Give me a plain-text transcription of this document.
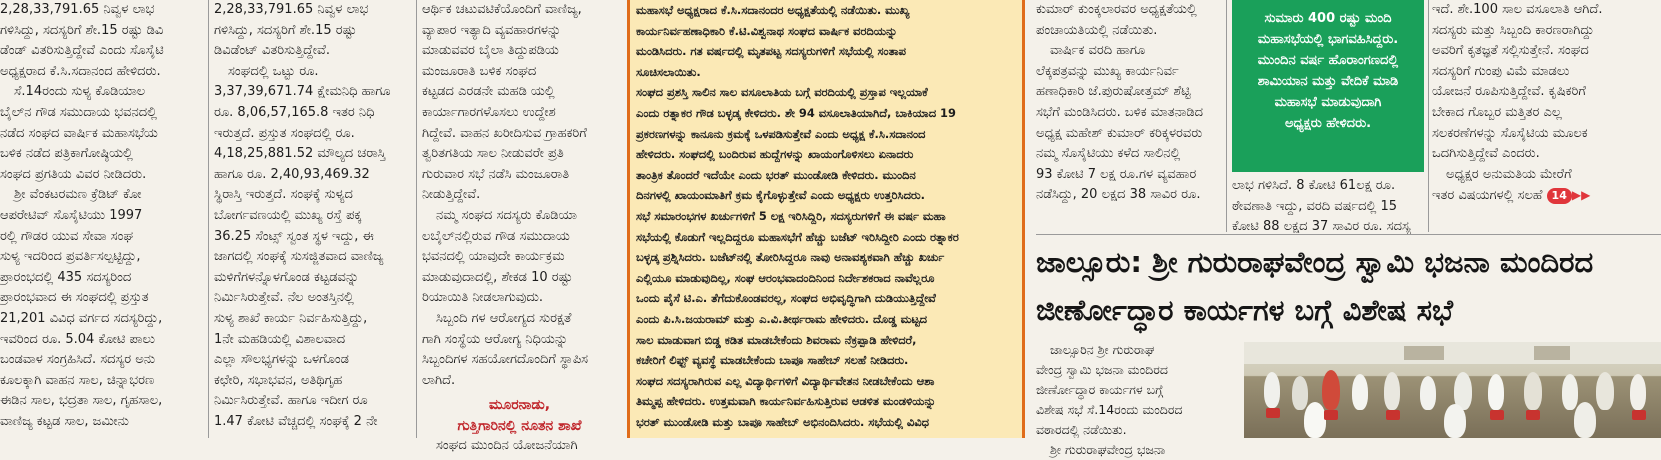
2,28,33,791.65 ನಿವ್ವಳ ಲಾಭ

ಗಳಿಸಿದ್ದು, ಸದಸ್ಯರಿಗೆ ಶೇ.15 ರಷ್ಟು ಡಿವಿ

ಡೆಂಡ್ ವಿತರಿಸುತ್ತಿದ್ದೇವೆ ಎಂದು ಸೊಸೈಟಿ

ಅಧ್ಯಕ್ಷರಾದ ಕೆ.ಸಿ.ಸದಾನಂದ ಹೇಳಿದರು.

ಸೆ.14ರಂದು ಸುಳ್ಯ ಕೊಡಿಯಾಲ

ಬೈಲ್‌ನ ಗೌಡ ಸಮುದಾಯ ಭವನದಲ್ಲಿ

ನಡೆದ ಸಂಘದ ವಾರ್ಷಿಕ ಮಹಾಸಭೆಯ

ಬಳಿಕ ನಡೆದ ಪತ್ರಿಕಾಗೋಷ್ಠಿಯಲ್ಲಿ

ಸಂಘದ ಪ್ರಗತಿಯ ವಿವರ ನೀಡಿದರು.

ಶ್ರೀ ವೆಂಕಟರಮಣ ಕ್ರೆಡಿಟ್ ಕೋ

ಆಪರೇಟಿವ್ ಸೊಸೈಟಿಯು 1997

ರಲ್ಲಿ ಗೌಡರ ಯುವ ಸೇವಾ ಸಂಘ

ಸುಳ್ಯ ಇದರಿಂದ ಪ್ರವರ್ತಿಸಲ್ಪಟ್ಟಿದ್ದು,

ಪ್ರಾರಂಭದಲ್ಲಿ 435 ಸದಸ್ಯರಿಂದ

ಪ್ರಾರಂಭವಾದ ಈ ಸಂಘದಲ್ಲಿ ಪ್ರಸ್ತುತ

21,201 ವಿವಿಧ ವರ್ಗದ ಸದಸ್ಯರಿದ್ದು,

ಇವರಿಂದ ರೂ. 5.04 ಕೋಟಿ ಪಾಲು

ಬಂಡವಾಳ ಸಂಗ್ರಹಿಸಿದೆ. ಸದಸ್ಯರ ಅನು

ಕೂಲಕ್ಕಾಗಿ ವಾಹನ ಸಾಲ, ಚಿನ್ನಾಭರಣ

ಈಡಿನ ಸಾಲ, ಭದ್ರತಾ ಸಾಲ, ಗೃಹಸಾಲ,

ವಾಣಿಜ್ಯ ಕಟ್ಟಡ ಸಾಲ, ಜಮೀನು

2,28,33,791.65 ನಿವ್ವಳ ಲಾಭ

ಗಳಿಸಿದ್ದು, ಸದಸ್ಯರಿಗೆ ಶೇ.15 ರಷ್ಟು

ಡಿವಿಡೆಂಟ್ ವಿತರಿಸುತ್ತಿದ್ದೇವೆ.

ಸಂಘದಲ್ಲಿ ಒಟ್ಟು ರೂ.

3,37,39,671.74 ಕ್ಷೇಮನಿಧಿ ಹಾಗೂ

ರೂ. 8,06,57,165.8 ಇತರ ನಿಧಿ

ಇರುತ್ತದೆ. ಪ್ರಸ್ತುತ ಸಂಘದಲ್ಲಿ ರೂ.

4,18,25,881.52 ಮೌಲ್ಯದ ಚರಾಸ್ತಿ

ಹಾಗೂ ರೂ. 2,40,93,469.32

ಸ್ಥಿರಾಸ್ತಿ ಇರುತ್ತದೆ. ಸಂಘಕ್ಕೆ ಸುಳ್ಯದ

ಬೋರ್ಗವಣಯಲ್ಲಿ ಮುಖ್ಯ ರಸ್ತೆ ಪಕ್ಕ

36.25 ಸೆಂಟ್ಸ್ ಸ್ವಂತ ಸ್ಥಳ ಇದ್ದು, ಈ

ಜಾಗದಲ್ಲಿ ಸಂಘಕ್ಕೆ ಸುಸಜ್ಜಿತವಾದ ವಾಣಿಜ್ಯ

ಮಳಿಗೆಗಳನ್ನೊಳಗೊಂಡ ಕಟ್ಟಡವನ್ನು

ನಿರ್ಮಿಸಿರುತ್ತೇವೆ. ನೆಲ ಅಂತಸ್ತಿನಲ್ಲಿ

ಸುಳ್ಯ ಶಾಖೆ ಕಾರ್ಯ ನಿರ್ವಹಿಸುತ್ತಿದ್ದು,

1ನೇ ಮಹಡಿಯಲ್ಲಿ ವಿಶಾಲವಾದ

ಎಲ್ಲಾ ಸೌಲಭ್ಯಗಳನ್ನು ಒಳಗೊಂಡ

ಕಛೇರಿ, ಸಭಾಭವನ, ಅತಿಥಿಗೃಹ

ನಿರ್ಮಿಸಿರುತ್ತೇವೆ. ಹಾಗೂ ಇದೀಗ ರೂ

1.47 ಕೋಟಿ ವೆಚ್ಚದಲ್ಲಿ ಸಂಘಕ್ಕೆ 2 ನೇ

ಆರ್ಥಿಕ ಚಟುವಟಿಕೆಯೊಂದಿಗೆ ವಾಣಿಜ್ಯ,

ವ್ಯಾಪಾರ ಇತ್ಯಾದಿ ವ್ಯವಹಾರಗಳನ್ನು

ಮಾಡುವವರ ಬೈಲಾ ತಿದ್ದುಪಡಿಯ

ಮಂಜೂರಾತಿ ಬಳಿಕ ಸಂಘದ

ಕಟ್ಟಡದ ಎರಡನೇ ಮಹಡಿ ಯಲ್ಲಿ

ಕಾರ್ಯಾಗಾರಗಳೊಸಲು ಉದ್ದೇಶ

ಗಿದ್ದೇವೆ. ವಾಹನ ಖರೀದಿಸುವ ಗ್ರಾಹಕರಿಗೆ

ತ್ವರಿತಗತಿಯ ಸಾಲ ನೀಡುವರೇ ಪ್ರತಿ

ಗುರುವಾರ ಸಭೆ ನಡೆಸಿ ಮಂಜೂರಾತಿ

ನೀಡುತ್ತಿದ್ದೇವೆ.

ನಮ್ಮ ಸಂಘದ ಸದಸ್ಯರು ಕೊಡಿಯಾ

ಲಬೈಲ್‌ನಲ್ಲಿರುವ ಗೌಡ ಸಮುದಾಯ

ಭವನದಲ್ಲಿ ಯಾವುದೇ ಕಾರ್ಯಕ್ರಮ

ಮಾಡುವುದಾದಲ್ಲಿ, ಶೇಕಡ 10 ರಷ್ಟು

ರಿಯಾಯಿತಿ ನೀಡಲಾಗುವುದು.

ಸಿಬ್ಬಂದಿ ಗಳ ಆರೋಗ್ಯದ ಸುರಕ್ಷತೆ

ಗಾಗಿ ಸಂಸ್ಥೆಯ ಆರೋಗ್ಯ ನಿಧಿಯನ್ನು

ಸಿಬ್ಬಂದಿಗಳ ಸಹಯೋಗದೊಂದಿಗೆ ಸ್ಥಾಪಿಸ

ಲಾಗಿದೆ.

ಮೂರನಾಡು,

ಗುತ್ತಿಗಾರಿನಲ್ಲಿ ನೂತನ ಶಾಖೆ

ಸಂಘದ ಮುಂದಿನ ಯೋಜನೆಯಾಗಿ

ಮಹಾಸಭೆ ಅಧ್ಯಕ್ಷರಾದ ಕೆ.ಸಿ.ಸದಾನಂದರ ಅಧ್ಯಕ್ಷತೆಯಲ್ಲಿ ನಡೆಯಿತು. ಮುಖ್ಯ

ಕಾರ್ಯನಿರ್ವಹಣಾಧಿಕಾರಿ ಕೆ.ಟಿ.ವಿಶ್ವನಾಥ ಸಂಘದ ವಾರ್ಷಿಕ ವರದಿಯನ್ನು

ಮಂಡಿಸಿದರು. ಗತ ವರ್ಷದಲ್ಲಿ ಮೃತಪಟ್ಟ ಸದಸ್ಯರುಗಳಿಗೆ ಸಭೆಯಲ್ಲಿ ಸಂತಾಪ

ಸೂಚಿಸಲಾಯಿತು.

ಸಂಘದ ಪ್ರಶಸ್ತಿ ಸಾಲಿನ ಸಾಲ ವಸೂಲಾತಿಯ ಬಗ್ಗೆ ವರದಿಯಲ್ಲಿ ಪ್ರಸ್ತಾಪ ಇಲ್ಲಯಾಕೆ

ಎಂದು ರತ್ನಾಕರ ಗೌಡ ಬಳ್ಳಡ್ಕ ಕೇಳಿದರು. ಶೇ 94 ವಸೂಲಾತಿಯಾಗಿದೆ, ಬಾಕಿಯಾದ 19

ಪ್ರಕರಣಗಳನ್ನು ಕಾನೂನು ಕ್ರಮಕ್ಕೆ ಒಳಪಡಿಸುತ್ತೇವೆ ಎಂದು ಅಧ್ಯಕ್ಷ ಕೆ.ಸಿ.ಸದಾನಂದ

ಹೇಳಿದರು. ಸಂಘದಲ್ಲಿ ಬಂದಿರುವ ಹುದ್ದೆಗಳನ್ನು ಖಾಯಂಗೊಳಿಸಲು ಏನಾದರು

ತಾಂತ್ರಿಕ ತೊಂದರೆ ಇದೆಯೇ ಎಂದು ಭರತ್ ಮುಂಡೋಡಿ ಕೇಳಿದರು. ಮುಂದಿನ

ದಿನಗಳಲ್ಲಿ ಖಾಯಂಮಾತಿಗೆ ಕ್ರಮ ಕೈಗೊಳ್ಳುತ್ತೇವೆ ಎಂದು ಅಧ್ಯಕ್ಷರು ಉತ್ತರಿಸಿದರು.

ಸಭೆ ಸಮಾರಂಭಗಳ ಖರ್ಚುಗಳಿಗೆ 5 ಲಕ್ಷ ಇರಿಸಿದ್ದಿರಿ, ಸದಸ್ಯರುಗಳಿಗೆ ಈ ವರ್ಷ ಮಹಾ

ಸಭೆಯಲ್ಲಿ ಕೊಡುಗೆ ಇಲ್ಲದಿದ್ದರೂ ಮಹಾಸಭೆಗೆ ಹೆಚ್ಚು ಬಜೆಟ್ ಇರಿಸಿದ್ದೀರಿ ಎಂದು ರತ್ನಾಕರ

ಬಳ್ಳಡ್ಕ ಪ್ರಶ್ನಿಸಿದರು. ಬಜೆಟ್‌ನಲ್ಲಿ ತೋರಿಸಿದ್ದರೂ ನಾವು ಅನಾವಶ್ಯಕವಾಗಿ ಹೆಚ್ಚು ಖರ್ಚು

ಎಲ್ಲಿಯೂ ಮಾಡುವುದಿಲ್ಲ, ಸಂಘ ಆರಂಭವಾದಂದಿನಿಂದ ನಿರ್ದೇಶಕರಾದ ನಾವೆಲ್ಲರೂ

ಒಂದು ಪೈಸೆ ಟಿ.ಎ. ತೆಗೆದುಕೊಂಡವರಲ್ಲ, ಸಂಘದ ಅಭಿವೃದ್ಧಿಗಾಗಿ ದುಡಿಯುತ್ತಿದ್ದೇವೆ

ಎಂದು ಪಿ.ಸಿ.ಜಯರಾಮ್ ಮತ್ತು ಎ.ವಿ.ತೀರ್ಥರಾಮ ಹೇಳಿದರು. ದೊಡ್ಡ ಮಟ್ಟದ

ಸಾಲ ಮಾಡುವಾಗ ಬಿಡ್ಡ ಕಡಿತ ಮಾಡಬೇಕೆಂದು ಶಿವರಾಮ ನೆಕ್ರಪ್ಪಾಡಿ ಹೇಳಿದರೆ,

ಕಚೇರಿಗೆ ಲಿಫ್ಟ್ ವ್ಯವಸ್ಥೆ ಮಾಡಬೇಕೆಂದು ಬಾಪೂ ಸಾಹೇಬ್ ಸಲಹೆ ನೀಡಿದರು.

ಸಂಘದ ಸದಸ್ಯರಾಗಿರುವ ಎಲ್ಲ ವಿದ್ಯಾರ್ಥಿಗಳಿಗೆ ವಿದ್ಯಾರ್ಥಿವೇತನ ನೀಡಬೇಕೆಂದು ಆಶಾ

ತಿಮ್ಮಪ್ಪ ಹೇಳಿದರು. ಉತ್ತಮವಾಗಿ ಕಾರ್ಯನಿರ್ವಹಿಸುತ್ತಿರುವ ಆಡಳಿತ ಮಂಡಳಿಯನ್ನು

ಭರತ್ ಮುಂಡೋಡಿ ಮತ್ತು ಬಾಪೂ ಸಾಹೇಬ್ ಅಭಿನಂದಿಸಿದರು. ಸಭೆಯಲ್ಲಿ ವಿವಿಧ

ಕುಮಾರ್ ಕುಂಕ್ಕಲಾರವರ ಅಧ್ಯಕ್ಷತೆಯಲ್ಲಿ

ಪಂಚಾಯತಿಯಲ್ಲಿ ನಡೆಯಿತು.

ವಾರ್ಷಿಕ ವರದಿ ಹಾಗೂ

ಲೆಕ್ಕಪತ್ರವನ್ನು ಮುಖ್ಯ ಕಾರ್ಯನಿರ್ವ

ಹಣಾಧಿಕಾರಿ ಜೆ.ಪುರುಷೋತ್ತಮ್ ಶೆಟ್ಟಿ

ಸಭೆಗೆ ಮಂಡಿಸಿದರು. ಬಳಿಕ ಮಾತನಾಡಿದ

ಅಧ್ಯಕ್ಷ ಮಹೇಶ್ ಕುಮಾರ್ ಕರಿಕ್ಕಳರವರು

ನಮ್ಮ ಸೊಸೈಟಿಯು ಕಳೆದ ಸಾಲಿನಲ್ಲಿ

93 ಕೋಟಿ 7 ಲಕ್ಷ ರೂ.ಗಳ ವ್ಯವಹಾರ

ನಡೆಸಿದ್ದು, 20 ಲಕ್ಷದ 38 ಸಾವಿರ ರೂ.

ಸುಮಾರು 400 ರಷ್ಟು ಮಂದಿ

ಮಹಾಸಭೆಯಲ್ಲಿ ಭಾಗವಹಿಸಿದ್ದರು.

ಮುಂದಿನ ವರ್ಷ ಹೊರಾಂಗಣದಲ್ಲಿ

ಶಾಮಿಯಾನ ಮತ್ತು ವೇದಿಕೆ ಮಾಡಿ

ಮಹಾಸಭೆ ಮಾಡುವುದಾಗಿ

ಅಧ್ಯಕ್ಷರು ಹೇಳಿದರು.

ಲಾಭ ಗಳಿಸಿದೆ. 8 ಕೋಟಿ 61ಲಕ್ಷ ರೂ.

ಠೇವಣಾತಿ ಇದ್ದು, ವರದಿ ವರ್ಷದಲ್ಲಿ 15

ಕೋಟಿ 88 ಲಕ್ಷದ 37 ಸಾವಿರ ರೂ. ಸದಸ್ಯ

ಇದೆ. ಶೇ.100 ಸಾಲ ವಸೂಲಾತಿ ಆಗಿದೆ.

ಸದಸ್ಯರು ಮತ್ತು ಸಿಬ್ಬಂದಿ ಕಾರಣರಾಗಿದ್ದು

ಅವರಿಗೆ ಕೃತಜ್ಞತೆ ಸಲ್ಲಿಸುತ್ತೇನೆ. ಸಂಘದ

ಸದಸ್ಯರಿಗೆ ಗುಂಪು ವಿಮೆ ಮಾಡಲು

ಯೋಜನೆ ರೂಪಿಸುತ್ತಿದ್ದೇವೆ. ಕೃಷಿಕರಿಗೆ

ಬೇಕಾದ ಗೊಬ್ಬರ ಮತ್ತಿತರ ಎಲ್ಲ

ಸಲಕರಣೆಗಳನ್ನು ಸೊಸೈಟಿಯ ಮೂಲಕ

ಒದಗಿಸುತ್ತಿದ್ದೇವೆ ಎಂದರು.

ಅಧ್ಯಕ್ಷರ ಅನುಮತಿಯ ಮೇರೆಗೆ

ಇತರ ವಿಷಯಗಳಲ್ಲಿ ಸಲಹೆ 14 ▶▶

ಜಾಲ್ಸೂರು: ಶ್ರೀ ಗುರುರಾಘವೇಂದ್ರ ಸ್ವಾಮಿ ಭಜನಾ ಮಂದಿರದ

ಜೀರ್ಣೋದ್ಧಾರ ಕಾರ್ಯಗಳ ಬಗ್ಗೆ ವಿಶೇಷ ಸಭೆ

ಜಾಲ್ಸೂರಿನ ಶ್ರೀ ಗುರುರಾಘ

ವೇಂದ್ರ ಸ್ವಾಮಿ ಭಜನಾ ಮಂದಿರದ

ಜೀರ್ಣೋದ್ಧಾರ ಕಾರ್ಯಗಳ ಬಗ್ಗೆ

ವಿಶೇಷ ಸಭೆ ಸೆ.14ರಂದು ಮಂದಿರದ

ವಠಾರದಲ್ಲಿ ನಡೆಯಿತು.

ಶ್ರೀ ಗುರುರಾಘವೇಂದ್ರ ಭಜನಾ
